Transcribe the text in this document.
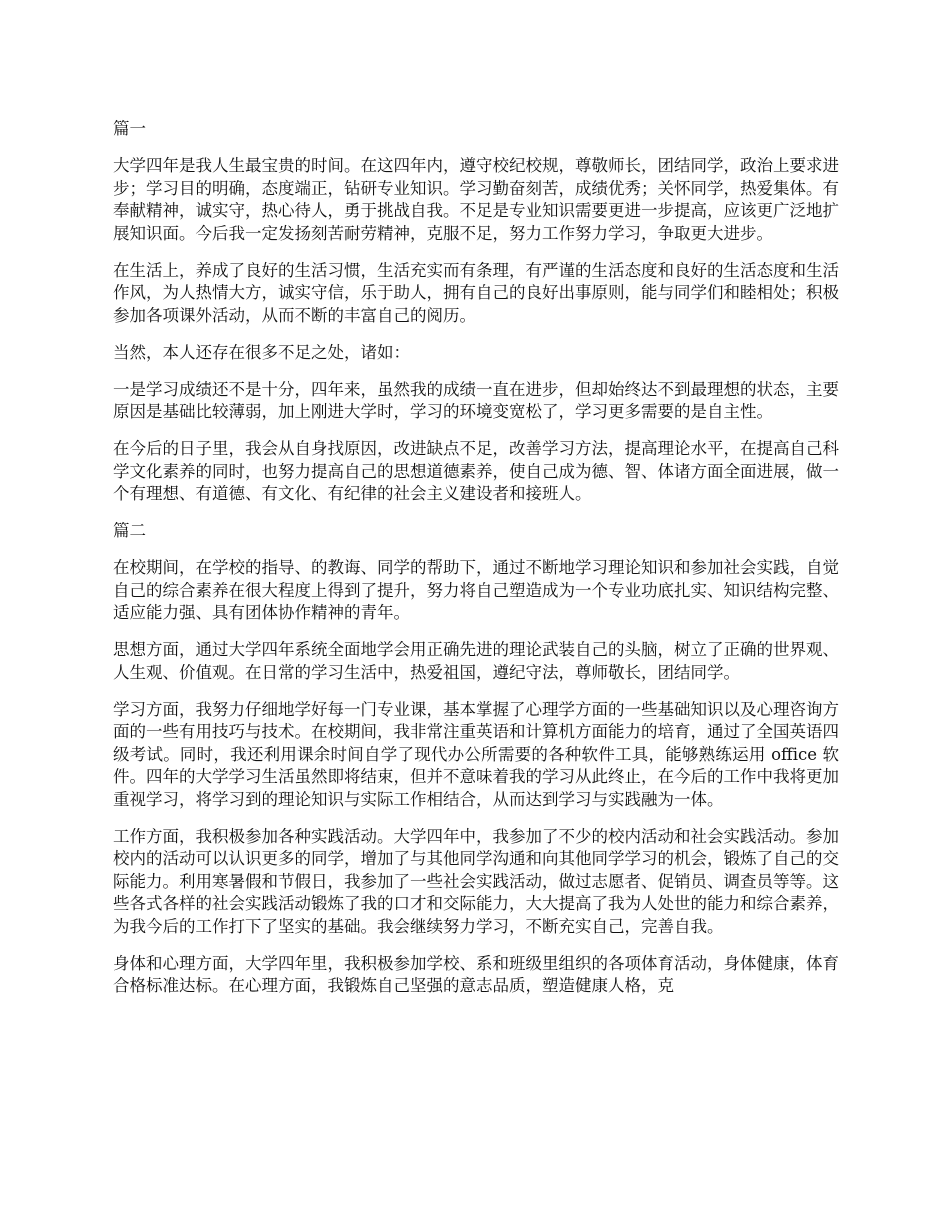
篇一

大学四年是我人生最宝贵的时间。在这四年内，遵守校纪校规，尊敬师长，团结同学，政治上要求进步；学习目的明确，态度端正，钻研专业知识。学习勤奋刻苦，成绩优秀；关怀同学，热爱集体。有奉献精神，诚实守，热心待人，勇于挑战自我。不足是专业知识需要更进一步提高，应该更广泛地扩展知识面。今后我一定发扬刻苦耐劳精神，克服不足，努力工作努力学习，争取更大进步。

在生活上，养成了良好的生活习惯，生活充实而有条理，有严谨的生活态度和良好的生活态度和生活作风，为人热情大方，诚实守信，乐于助人，拥有自己的良好出事原则，能与同学们和睦相处；积极参加各项课外活动，从而不断的丰富自己的阅历。

当然，本人还存在很多不足之处，诸如：

一是学习成绩还不是十分，四年来，虽然我的成绩一直在进步，但却始终达不到最理想的状态，主要原因是基础比较薄弱，加上刚进大学时，学习的环境变宽松了，学习更多需要的是自主性。

在今后的日子里，我会从自身找原因，改进缺点不足，改善学习方法，提高理论水平，在提高自己科学文化素养的同时，也努力提高自己的思想道德素养，使自己成为德、智、体诸方面全面进展，做一个有理想、有道德、有文化、有纪律的社会主义建设者和接班人。

篇二

在校期间，在学校的指导、的教诲、同学的帮助下，通过不断地学习理论知识和参加社会实践，自觉自己的综合素养在很大程度上得到了提升，努力将自己塑造成为一个专业功底扎实、知识结构完整、适应能力强、具有团体协作精神的青年。

思想方面，通过大学四年系统全面地学会用正确先进的理论武装自己的头脑，树立了正确的世界观、人生观、价值观。在日常的学习生活中，热爱祖国，遵纪守法，尊师敬长，团结同学。

学习方面，我努力仔细地学好每一门专业课，基本掌握了心理学方面的一些基础知识以及心理咨询方面的一些有用技巧与技术。在校期间，我非常注重英语和计算机方面能力的培育，通过了全国英语四级考试。同时，我还利用课余时间自学了现代办公所需要的各种软件工具，能够熟练运用 office 软件。四年的大学学习生活虽然即将结束，但并不意味着我的学习从此终止，在今后的工作中我将更加重视学习，将学习到的理论知识与实际工作相结合，从而达到学习与实践融为一体。

工作方面，我积极参加各种实践活动。大学四年中，我参加了不少的校内活动和社会实践活动。参加校内的活动可以认识更多的同学，增加了与其他同学沟通和向其他同学学习的机会，锻炼了自己的交际能力。利用寒暑假和节假日，我参加了一些社会实践活动，做过志愿者、促销员、调查员等等。这些各式各样的社会实践活动锻炼了我的口才和交际能力，大大提高了我为人处世的能力和综合素养，为我今后的工作打下了坚实的基础。我会继续努力学习，不断充实自己，完善自我。

身体和心理方面，大学四年里，我积极参加学校、系和班级里组织的各项体育活动，身体健康，体育合格标准达标。在心理方面，我锻炼自己坚强的意志品质，塑造健康人格，克
